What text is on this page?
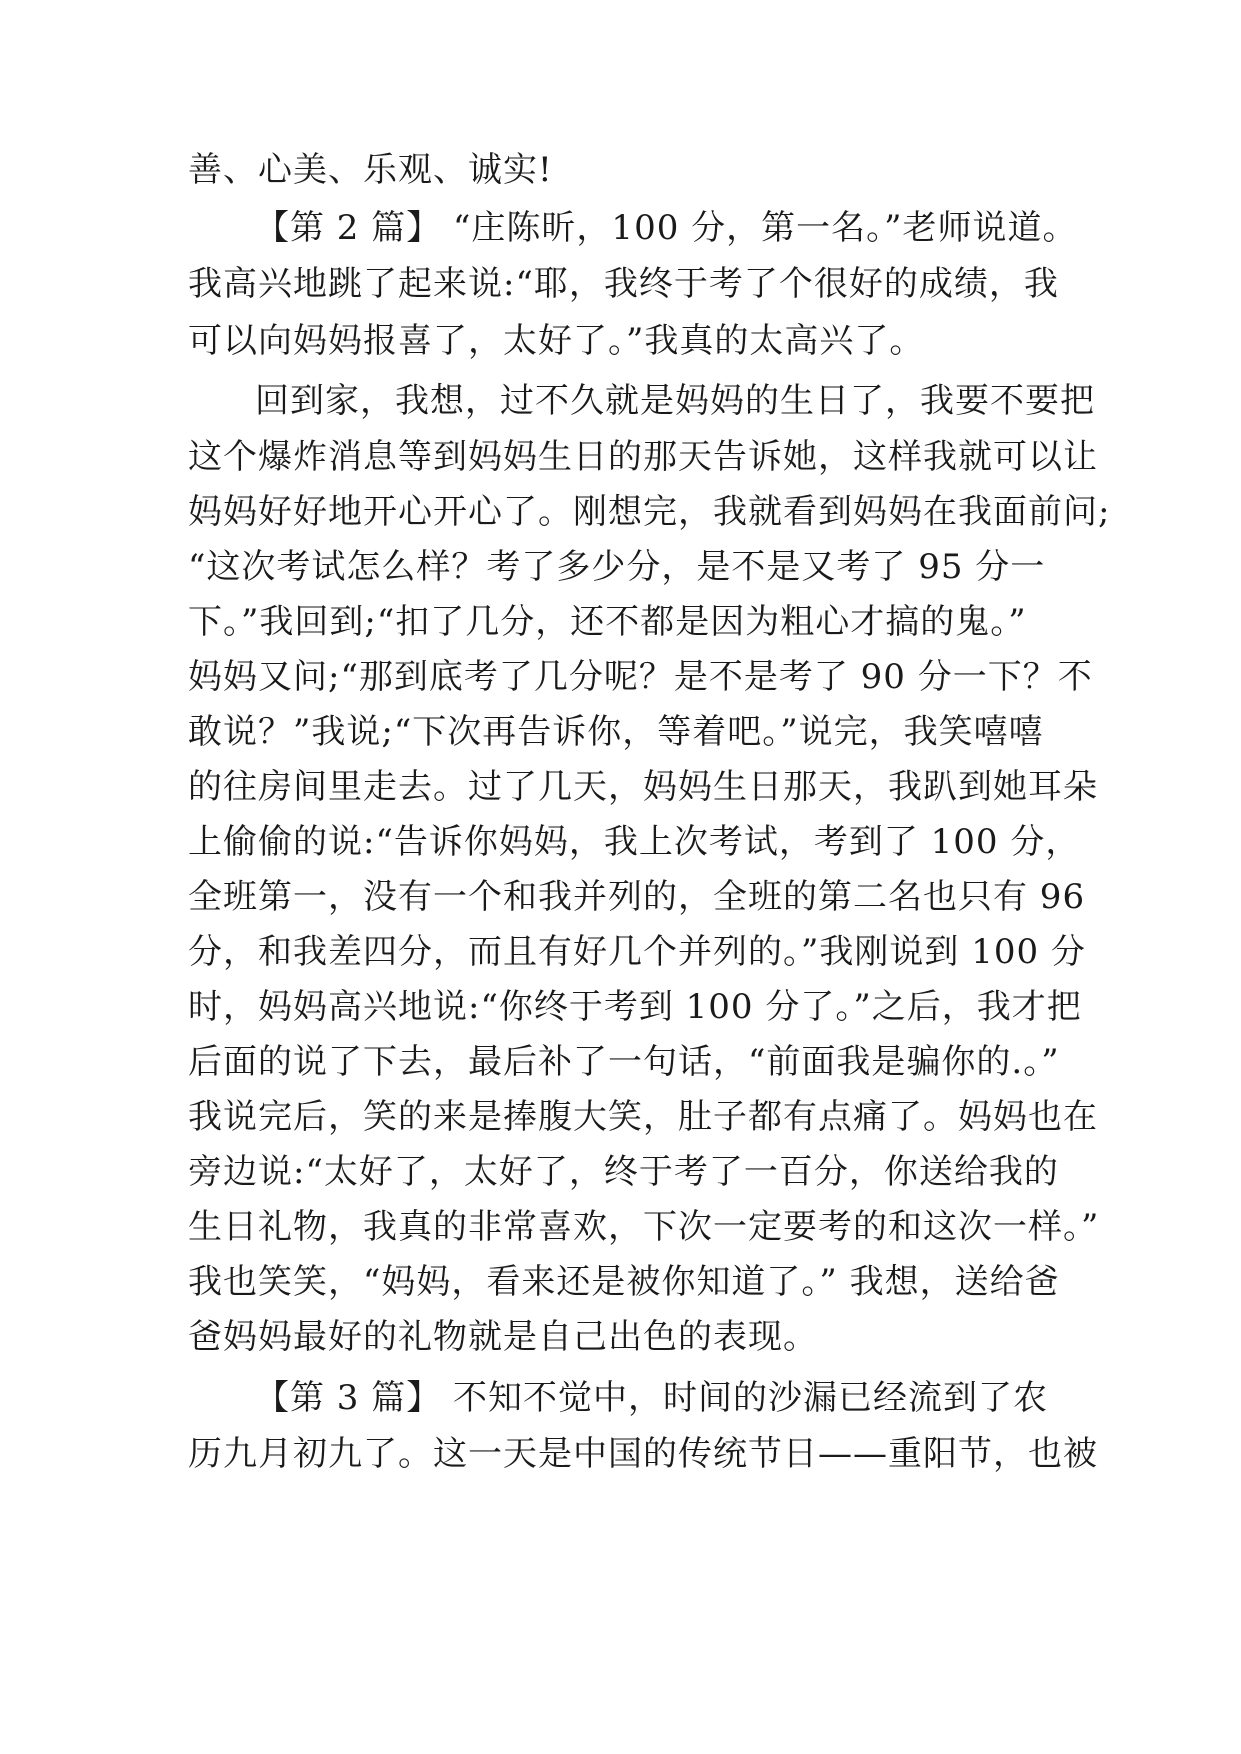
善、心美、乐观、诚实!
【第 2 篇】 “庄陈昕，100 分，第一名。”老师说道。
我高兴地跳了起来说:“耶，我终于考了个很好的成绩，我
可以向妈妈报喜了，太好了。”我真的太高兴了。
回到家，我想，过不久就是妈妈的生日了，我要不要把
这个爆炸消息等到妈妈生日的那天告诉她，这样我就可以让
妈妈好好地开心开心了。刚想完，我就看到妈妈在我面前问;
“这次考试怎么样？考了多少分，是不是又考了 95 分一
下。”我回到;“扣了几分，还不都是因为粗心才搞的鬼。”
妈妈又问;“那到底考了几分呢？是不是考了 90 分一下？不
敢说？”我说;“下次再告诉你，等着吧。”说完，我笑嘻嘻
的往房间里走去。过了几天，妈妈生日那天，我趴到她耳朵
上偷偷的说:“告诉你妈妈，我上次考试，考到了 100 分，
全班第一，没有一个和我并列的，全班的第二名也只有 96
分，和我差四分，而且有好几个并列的。”我刚说到 100 分
时，妈妈高兴地说:“你终于考到 100 分了。”之后，我才把
后面的说了下去，最后补了一句话，“前面我是骗你的.。”
我说完后，笑的来是捧腹大笑，肚子都有点痛了。妈妈也在
旁边说:“太好了，太好了，终于考了一百分，你送给我的
生日礼物，我真的非常喜欢，下次一定要考的和这次一样。”
我也笑笑，“妈妈，看来还是被你知道了。” 我想，送给爸
爸妈妈最好的礼物就是自己出色的表现。
【第 3 篇】 不知不觉中，时间的沙漏已经流到了农
历九月初九了。这一天是中国的传统节日——重阳节，也被
